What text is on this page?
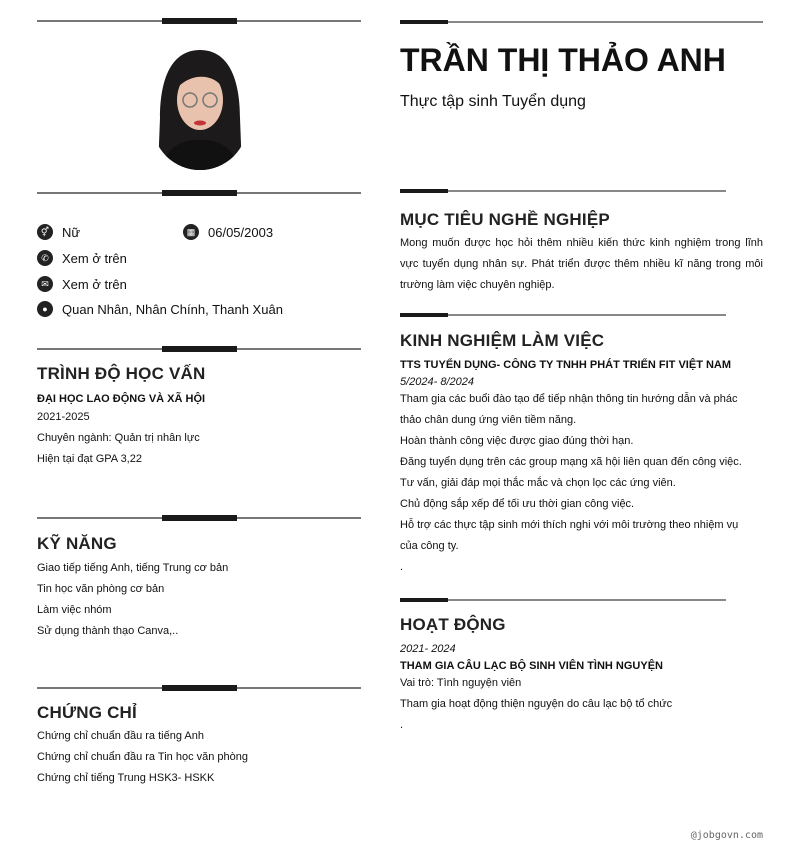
⚥ Nữ	▦ 06/05/2003
✆	Xem ở trên
✉	Xem ở trên
●	Quan Nhân, Nhân Chính, Thanh Xuân
TRÌNH ĐỘ HỌC VẤN
ĐẠI HỌC LAO ĐỘNG VÀ XÃ HỘI
2021-2025
Chuyên ngành: Quản trị nhân lực
Hiện tại đạt GPA 3,22
KỸ NĂNG
Giao tiếp tiếng Anh, tiếng Trung cơ bản
Tin học văn phòng cơ bản
Làm việc nhóm
Sử dụng thành thạo Canva,..
CHỨNG CHỈ
Chứng chỉ chuẩn đầu ra tiếng Anh
Chứng chỉ chuẩn đầu ra Tin học văn phòng
Chứng chỉ tiếng Trung HSK3- HSKK
TRẦN THỊ THẢO ANH
Thực tập sinh Tuyển dụng
MỤC TIÊU NGHỀ NGHIỆP
Mong muốn được học hỏi thêm nhiều kiến thức kinh nghiệm trong lĩnh vực tuyển dụng nhân sự. Phát triển được thêm nhiều kĩ năng trong môi trường làm việc chuyên nghiệp.
KINH NGHIỆM LÀM VIỆC
TTS TUYỂN DỤNG- CÔNG TY TNHH PHÁT TRIỂN FIT VIỆT NAM
5/2024- 8/2024
Tham gia các buổi đào tạo để tiếp nhận thông tin hướng dẫn và phác thảo chân dung ứng viên tiềm năng.
Hoàn thành công việc được giao đúng thời hạn.
Đăng tuyển dụng trên các group mạng xã hội liên quan đến công việc.
Tư vấn, giải đáp mọi thắc mắc và chọn lọc các ứng viên.
Chủ động sắp xếp để tối ưu thời gian công việc.
Hỗ trợ các thực tập sinh mới thích nghi với môi trường theo nhiệm vụ của công ty.
.
HOẠT ĐỘNG
2021- 2024
THAM GIA CÂU LẠC BỘ SINH VIÊN TÌNH NGUYỆN
Vai trò: Tình nguyện viên
Tham gia hoạt động thiện nguyện do câu lạc bộ tổ chức
.
@jobgovn.com
